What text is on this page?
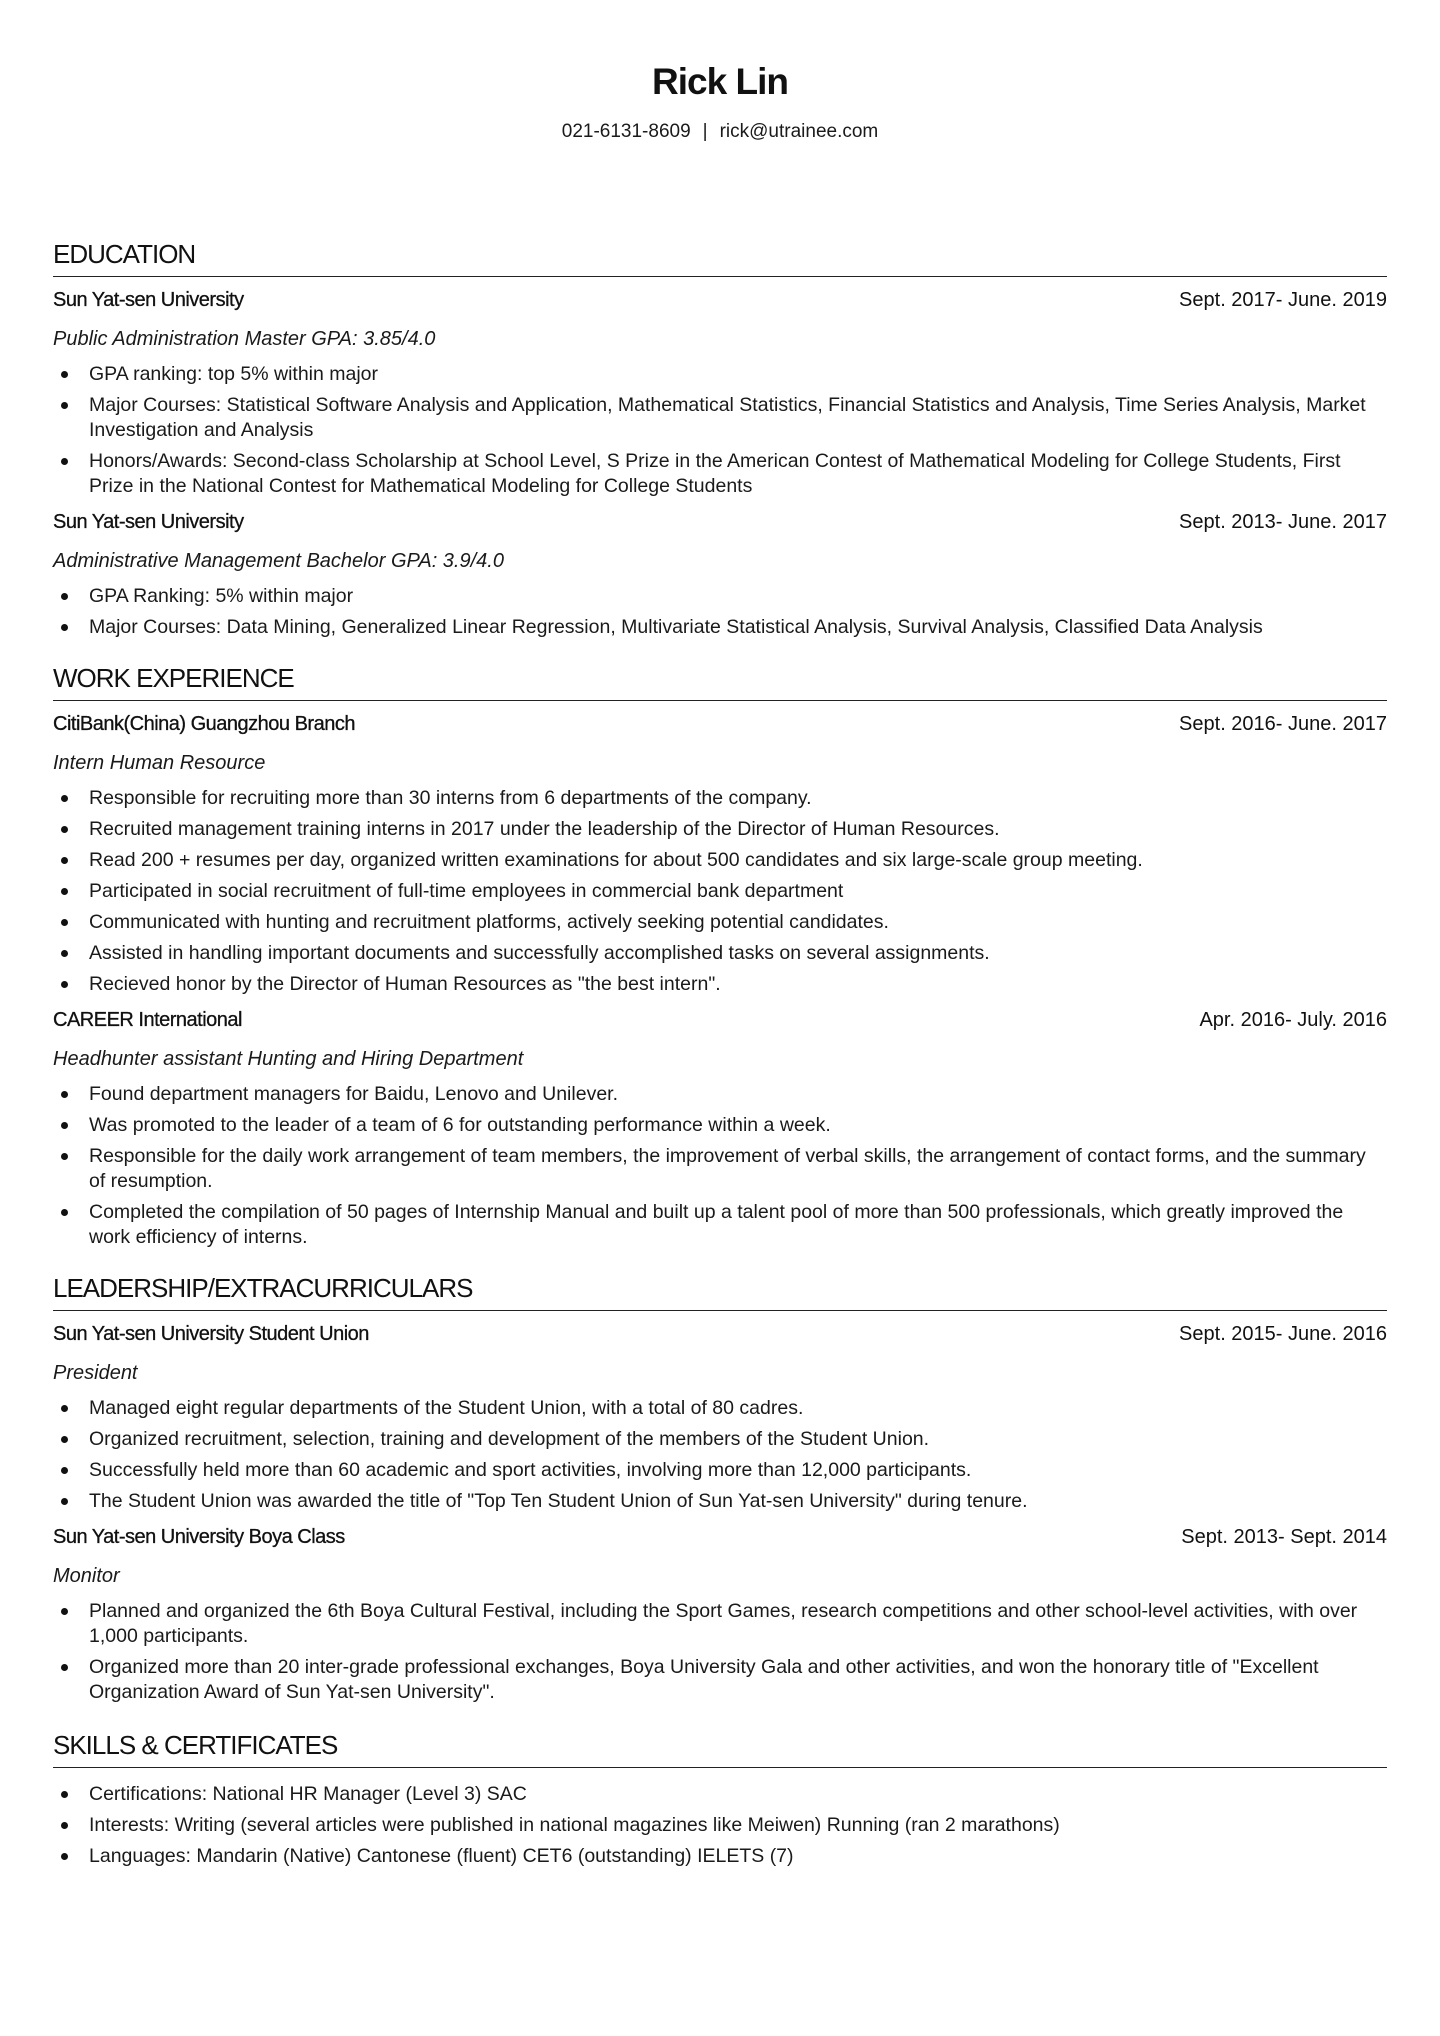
Rick Lin
021-6131-8609 | rick@utrainee.com
EDUCATION
Sun Yat-sen University	Sept. 2017- June. 2019
Public Administration Master GPA: 3.85/4.0
GPA ranking: top 5% within major
Major Courses: Statistical Software Analysis and Application, Mathematical Statistics, Financial Statistics and Analysis, Time Series Analysis, Market Investigation and Analysis
Honors/Awards: Second-class Scholarship at School Level, S Prize in the American Contest of Mathematical Modeling for College Students, First Prize in the National Contest for Mathematical Modeling for College Students
Sun Yat-sen University	Sept. 2013- June. 2017
Administrative Management Bachelor GPA: 3.9/4.0
GPA Ranking: 5% within major
Major Courses: Data Mining, Generalized Linear Regression, Multivariate Statistical Analysis, Survival Analysis, Classified Data Analysis
WORK EXPERIENCE
CitiBank(China) Guangzhou Branch	Sept. 2016- June. 2017
Intern Human Resource
Responsible for recruiting more than 30 interns from 6 departments of the company.
Recruited management training interns in 2017 under the leadership of the Director of Human Resources.
Read 200 + resumes per day, organized written examinations for about 500 candidates and six large-scale group meeting.
Participated in social recruitment of full-time employees in commercial bank department
Communicated with hunting and recruitment platforms, actively seeking potential candidates.
Assisted in handling important documents and successfully accomplished tasks on several assignments.
Recieved honor by the Director of Human Resources as "the best intern".
CAREER International	Apr. 2016- July. 2016
Headhunter assistant Hunting and Hiring Department
Found department managers for Baidu, Lenovo and Unilever.
Was promoted to the leader of a team of 6 for outstanding performance within a week.
Responsible for the daily work arrangement of team members, the improvement of verbal skills, the arrangement of contact forms, and the summary of resumption.
Completed the compilation of 50 pages of Internship Manual and built up a talent pool of more than 500 professionals, which greatly improved the work efficiency of interns.
LEADERSHIP/EXTRACURRICULARS
Sun Yat-sen University Student Union	Sept. 2015- June. 2016
President
Managed eight regular departments of the Student Union, with a total of 80 cadres.
Organized recruitment, selection, training and development of the members of the Student Union.
Successfully held more than 60 academic and sport activities, involving more than 12,000 participants.
The Student Union was awarded the title of "Top Ten Student Union of Sun Yat-sen University" during tenure.
Sun Yat-sen University Boya Class	Sept. 2013- Sept. 2014
Monitor
Planned and organized the 6th Boya Cultural Festival, including the Sport Games, research competitions and other school-level activities, with over 1,000 participants.
Organized more than 20 inter-grade professional exchanges, Boya University Gala and other activities, and won the honorary title of "Excellent Organization Award of Sun Yat-sen University".
SKILLS & CERTIFICATES
Certifications: National HR Manager (Level 3) SAC
Interests: Writing (several articles were published in national magazines like Meiwen) Running (ran 2 marathons)
Languages: Mandarin (Native) Cantonese (fluent) CET6 (outstanding) IELETS (7)
